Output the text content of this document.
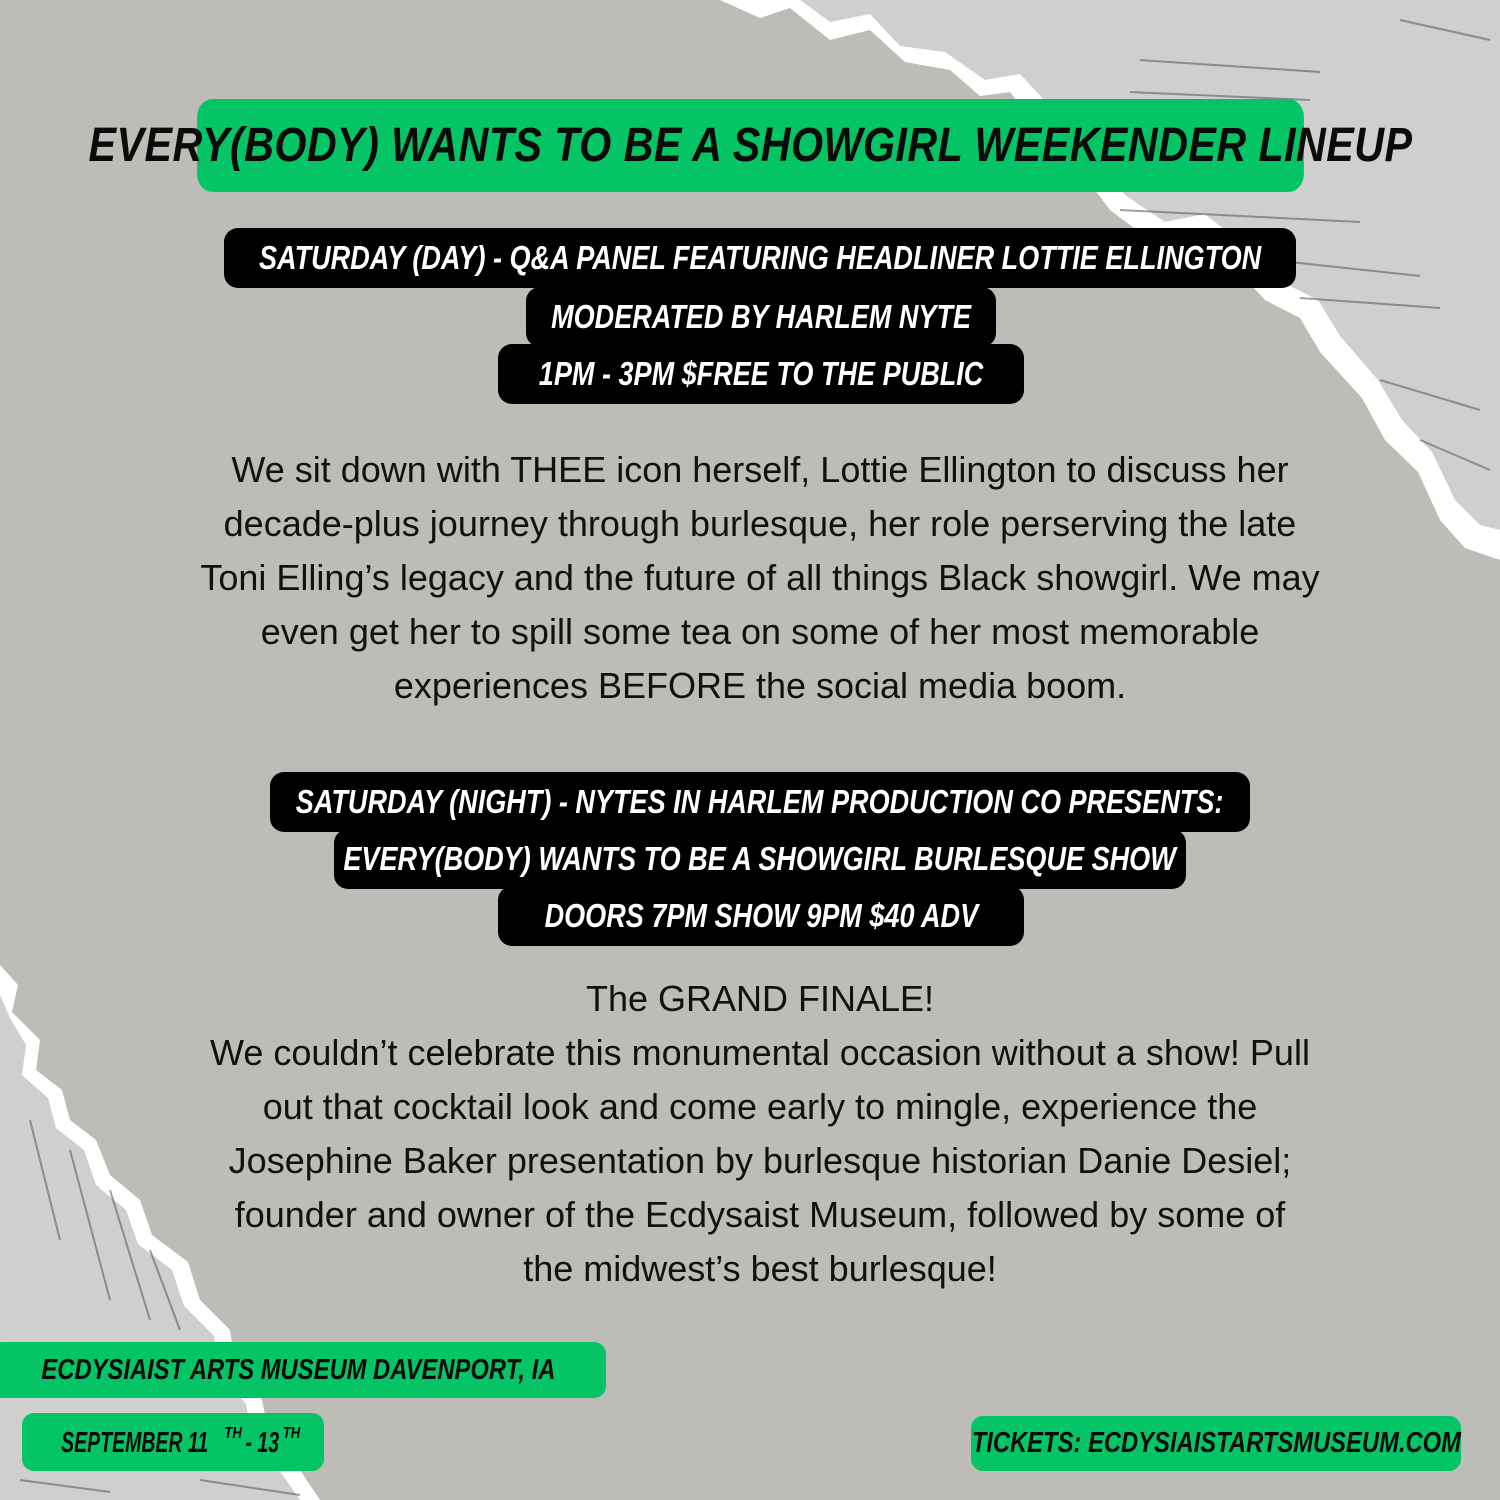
EVERY(BODY) WANTS TO BE A SHOWGIRL WEEKENDER LINEUP
SATURDAY (DAY) - Q&A PANEL FEATURING HEADLINER LOTTIE ELLINGTON
MODERATED BY HARLEM NYTE
1PM - 3PM $FREE TO THE PUBLIC
We sit down with THEE icon herself, Lottie Ellington to discuss her
decade-plus journey through burlesque, her role perserving the late
Toni Elling’s legacy and the future of all things Black showgirl. We may
even get her to spill some tea on some of her most memorable
experiences BEFORE the social media boom.
SATURDAY (NIGHT) - NYTES IN HARLEM PRODUCTION CO PRESENTS:
EVERY(BODY) WANTS TO BE A SHOWGIRL BURLESQUE SHOW
DOORS 7PM SHOW 9PM $40 ADV
The GRAND FINALE!
We couldn’t celebrate this monumental occasion without a show! Pull
out that cocktail look and come early to mingle, experience the
Josephine Baker presentation by burlesque historian Danie Desiel;
founder and owner of the Ecdysaist Museum, followed by some of
the midwest’s best burlesque!
ECDYSIAIST ARTS MUSEUM DAVENPORT, IA
SEPTEMBER 11 $^{TH}$- 13 $^{TH}$	TICKETS: ECDYSIAISTARTSMUSEUM.COM
